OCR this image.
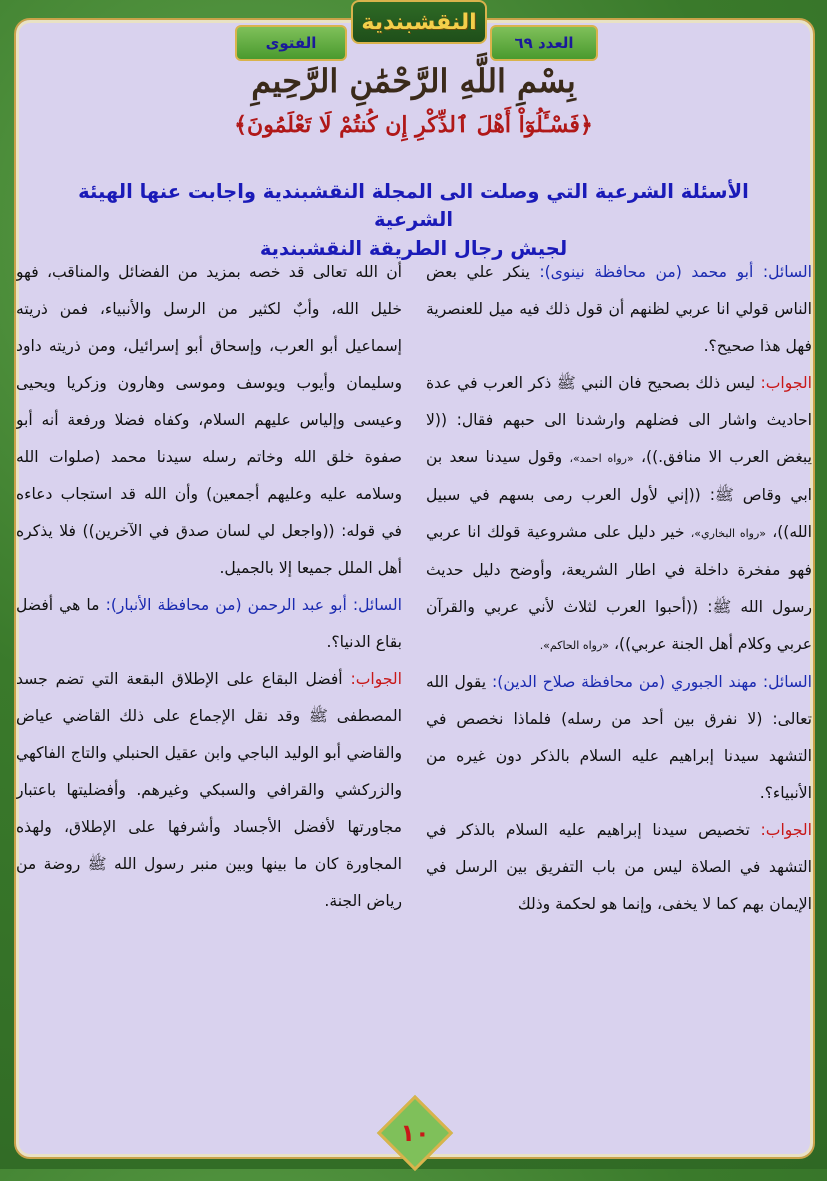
النقشبندية
العدد ٦٩
الفتوى
بِسْمِ اللَّهِ الرَّحْمَٰنِ الرَّحِيمِ
﴿فَسْـَٔلُوٓاْ أَهْلَ ٱلذِّكْرِ إِن كُنتُمْ لَا تَعْلَمُونَ﴾
الأسئلة الشرعية التي وصلت الى المجلة النقشبندية واجابت عنها الهيئة الشرعية
لجيش رجال الطريقة النقشبندية

السائل: أبو محمد (من محافظة نينوى): ينكر علي بعض الناس قولي انا عربي لظنهم أن قول ذلك فيه ميل للعنصرية فهل هذا صحيح؟.

الجواب: ليس ذلك بصحيح فان النبي ﷺ ذكر العرب في عدة احاديث واشار الى فضلهم وارشدنا الى حبهم فقال: ((لا يبغض العرب الا منافق.))، «رواه احمد»، وقول سيدنا سعد بن ابي وقاص ﷺ: ((إني لأول العرب رمى بسهم في سبيل الله))، «رواه البخاري»، خير دليل على مشروعية قولك انا عربي فهو مفخرة داخلة في اطار الشريعة، وأوضح دليل حديث رسول الله ﷺ: ((أحبوا العرب لثلاث لأني عربي والقرآن عربي وكلام أهل الجنة عربي))، «رواه الحاكم».

السائل: مهند الجبوري (من محافظة صلاح الدين): يقول الله تعالى: (لا نفرق بين أحد من رسله) فلماذا نخصص في التشهد سيدنا إبراهيم عليه السلام بالذكر دون غيره من الأنبياء؟.

الجواب: تخصيص سيدنا إبراهيم عليه السلام بالذكر في التشهد في الصلاة ليس من باب التفريق بين الرسل في الإيمان بهم كما لا يخفى، وإنما هو لحكمة وذلك

أن الله تعالى قد خصه بمزيد من الفضائل والمناقب، فهو خليل الله، وأبٌ لكثير من الرسل والأنبياء، فمن ذريته إسماعيل أبو العرب، وإسحاق أبو إسرائيل، ومن ذريته داود وسليمان وأيوب ويوسف وموسى وهارون وزكريا ويحيى وعيسى وإلياس عليهم السلام، وكفاه فضلا ورفعة أنه أبو صفوة خلق الله وخاتم رسله سيدنا محمد (صلوات الله وسلامه عليه وعليهم أجمعين) وأن الله قد استجاب دعاءه في قوله: ((واجعل لي لسان صدق في الآخرين)) فلا يذكره أهل الملل جميعا إلا بالجميل.

السائل: أبو عبد الرحمن (من محافظة الأنبار): ما هي أفضل بقاع الدنيا؟.

الجواب: أفضل البقاع على الإطلاق البقعة التي تضم جسد المصطفى ﷺ وقد نقل الإجماع على ذلك القاضي عياض والقاضي أبو الوليد الباجي وابن عقيل الحنبلي والتاج الفاكهي والزركشي والقرافي والسبكي وغيرهم. وأفضليتها باعتبار مجاورتها لأفضل الأجساد وأشرفها على الإطلاق، ولهذه المجاورة كان ما بينها وبين منبر رسول الله ﷺ روضة من رياض الجنة.

١٠
